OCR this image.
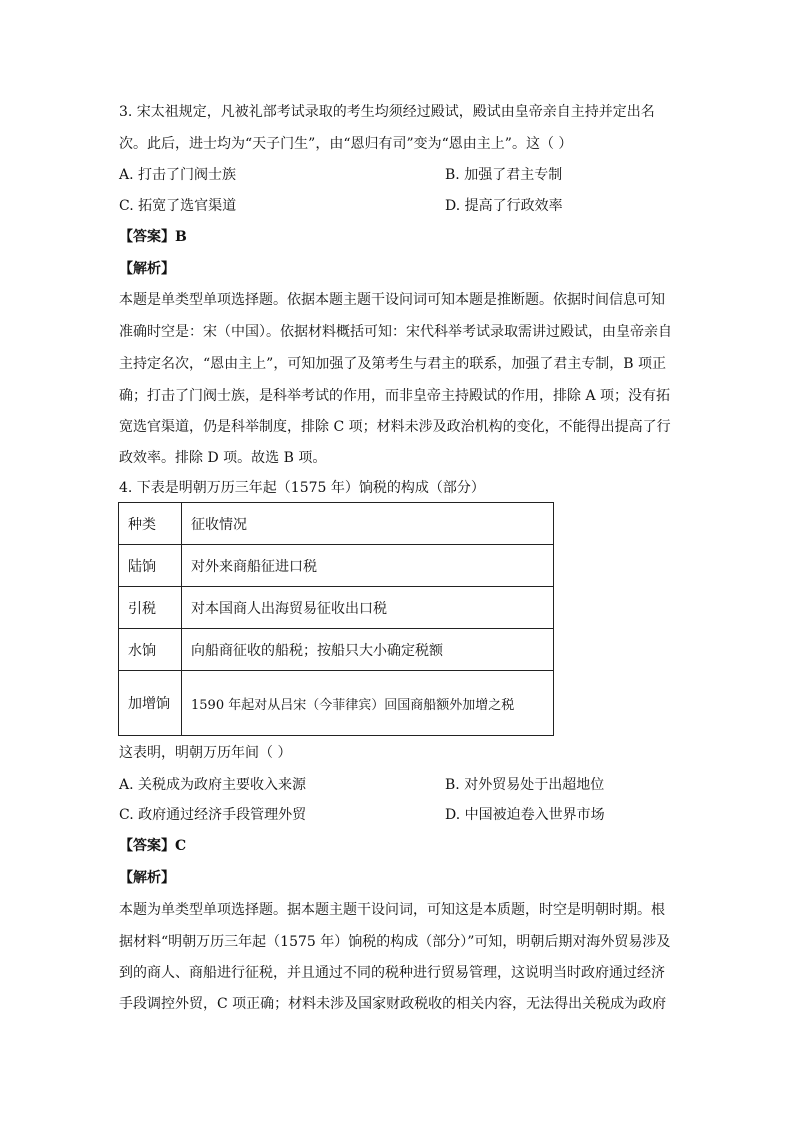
3. 宋太祖规定，凡被礼部考试录取的考生均须经过殿试，殿试由皇帝亲自主持并定出名
次。此后，进士均为“天子门生”，由“恩归有司”变为“恩由主上”。这（ ）
A. 打击了门阀士族	B. 加强了君主专制
C. 拓宽了选官渠道	D. 提高了行政效率
【答案】B
【解析】
本题是单类型单项选择题。依据本题主题干设问词可知本题是推断题。依据时间信息可知
准确时空是：宋（中国）。依据材料概括可知：宋代科举考试录取需讲过殿试，由皇帝亲自
主持定名次，“恩由主上”，可知加强了及第考生与君主的联系，加强了君主专制，B 项正
确；打击了门阀士族，是科举考试的作用，而非皇帝主持殿试的作用，排除 A 项；没有拓
宽选官渠道，仍是科举制度，排除 C 项；材料未涉及政治机构的变化，不能得出提高了行
政效率。排除 D 项。故选 B 项。
4. 下表是明朝万历三年起（1575 年）饷税的构成（部分）
种类	征收情况
陆饷	对外来商船征进口税
引税	对本国商人出海贸易征收出口税
水饷	向船商征收的船税；按船只大小确定税额
加增饷	1590 年起对从吕宋（今菲律宾）回国商船额外加增之税
这表明，明朝万历年间（ ）
A. 关税成为政府主要收入来源	B. 对外贸易处于出超地位
C. 政府通过经济手段管理外贸	D. 中国被迫卷入世界市场
【答案】C
【解析】
本题为单类型单项选择题。据本题主题干设问词，可知这是本质题，时空是明朝时期。根
据材料“明朝万历三年起（1575 年）饷税的构成（部分）”可知，明朝后期对海外贸易涉及
到的商人、商船进行征税，并且通过不同的税种进行贸易管理，这说明当时政府通过经济
手段调控外贸，C 项正确；材料未涉及国家财政税收的相关内容，无法得出关税成为政府
